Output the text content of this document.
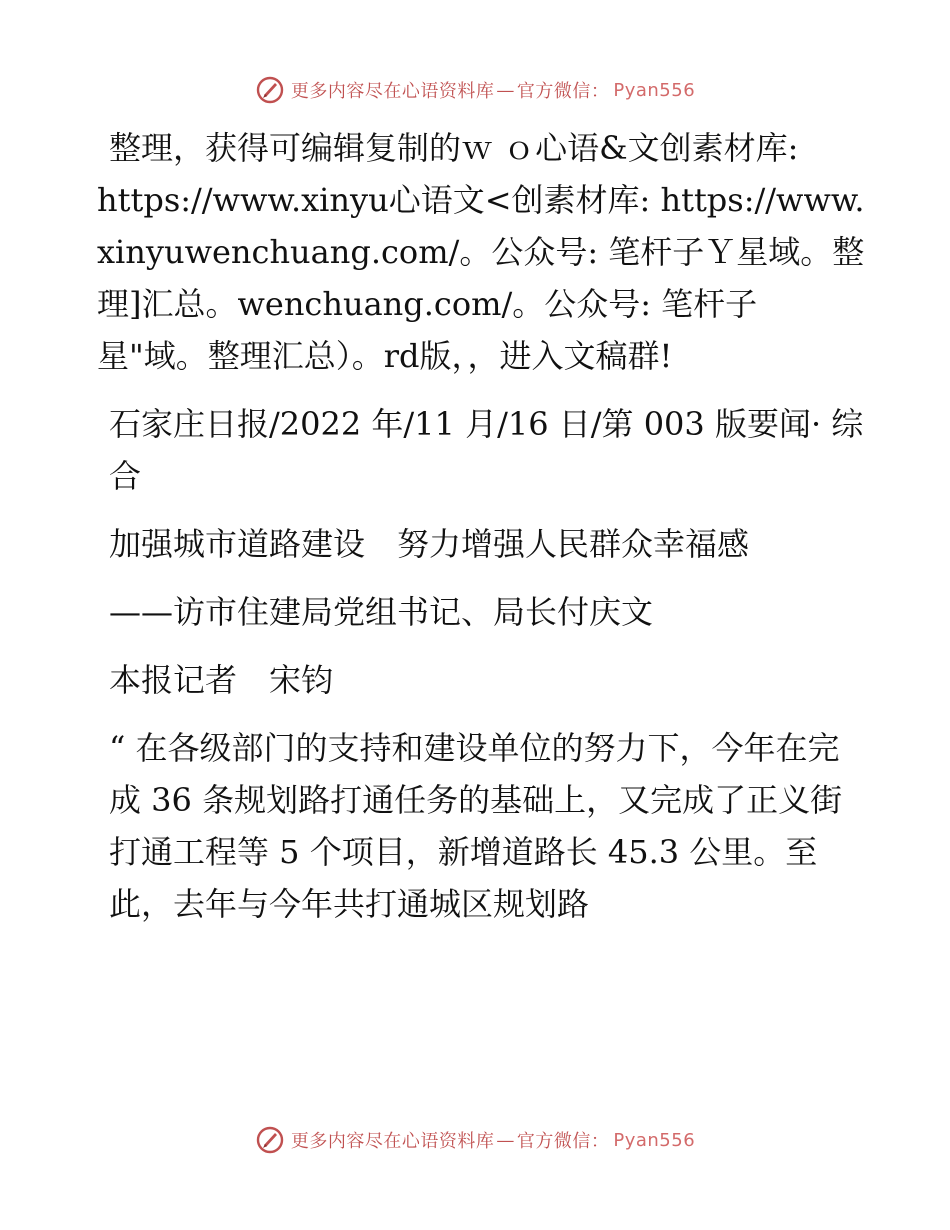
更多内容尽在心语资料库 — 官方微信： Pyan556

整理，获得可编辑复制的ｗ ｏ心语&文创素材库:

https://www.xinyu心语文<创素材库: https://www.xinyuwenchuang.com/。公众号: 笔杆子Ｙ星域。整理]汇总。wenchuang.com/。公众号: 笔杆子星"域。整理汇总）。rd版，，进入文稿群!

石家庄日报/2022 年/11 月/16 日/第 003 版要闻· 综合

加强城市道路建设　努力增强人民群众幸福感

——访市住建局党组书记、局长付庆文

本报记者　宋钧

“ 在各级部门的支持和建设单位的努力下，今年在完成 36 条规划路打通任务的基础上，又完成了正义街打通工程等 5 个项目，新增道路长 45.3 公里。至此，去年与今年共打通城区规划路

更多内容尽在心语资料库 — 官方微信： Pyan556
